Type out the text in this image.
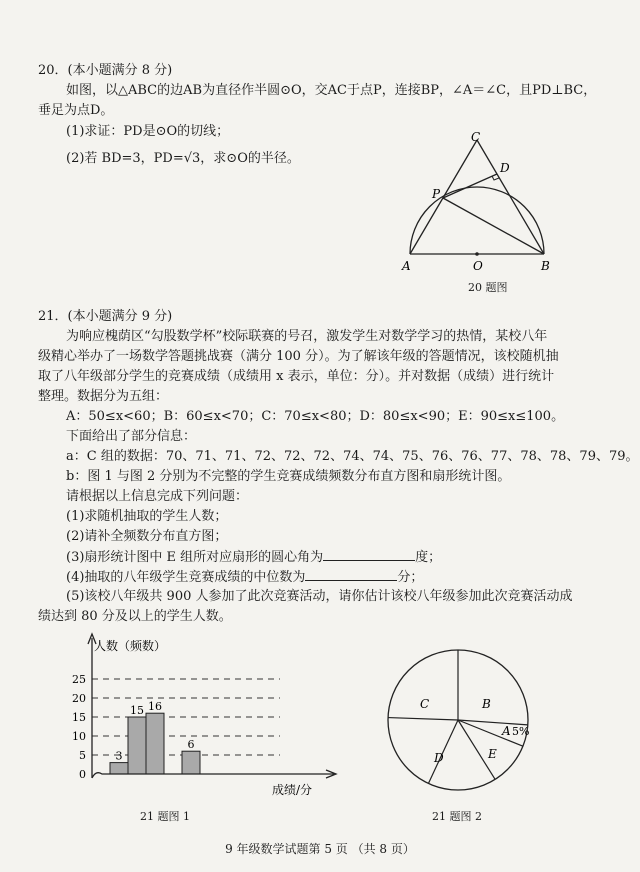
20．(本小题满分 8 分)
如图，以△ABC的边AB为直径作半圆⊙O，交AC于点P，连接BP，∠A＝∠C，且PD⊥BC，
垂足为点D。
(1)求证：PD是⊙O的切线；
(2)若 BD=3，PD=√3，求⊙O的半径。
C
D
P
A	O	B
20 题图
21．(本小题满分 9 分)
为响应槐荫区“勾股数学杯”校际联赛的号召，激发学生对数学学习的热情，某校八年
级精心举办了一场数学答题挑战赛（满分 100 分）。为了解该年级的答题情况，该校随机抽
取了八年级部分学生的竞赛成绩（成绩用 x 表示，单位：分）。并对数据（成绩）进行统计
整理。数据分为五组：
A：50≤x<60；B：60≤x<70；C：70≤x<80；D：80≤x<90；E：90≤x≤100。
下面给出了部分信息：
a：C 组的数据：70、71、71、72、72、72、74、74、75、76、76、77、78、78、79、79。
b：图 1 与图 2 分别为不完整的学生竞赛成绩频数分布直方图和扇形统计图。
请根据以上信息完成下列问题：
(1)求随机抽取的学生人数；
(2)请补全频数分布直方图；
(3)扇形统计图中 E 组所对应扇形的圆心角为	度；
(4)抽取的八年级学生竞赛成绩的中位数为	分；
(5)该校八年级共 900 人参加了此次竞赛活动，请你估计该校八年级参加此次竞赛活动成
绩达到 80 分及以上的学生人数。
0
5
10
15
20
25
3
15 16
6
人数（频数）
成绩/分
21 题图 1
C	B
A
E
D
5%
21 题图 2
9 年级数学试题第 5 页 （共 8 页）
